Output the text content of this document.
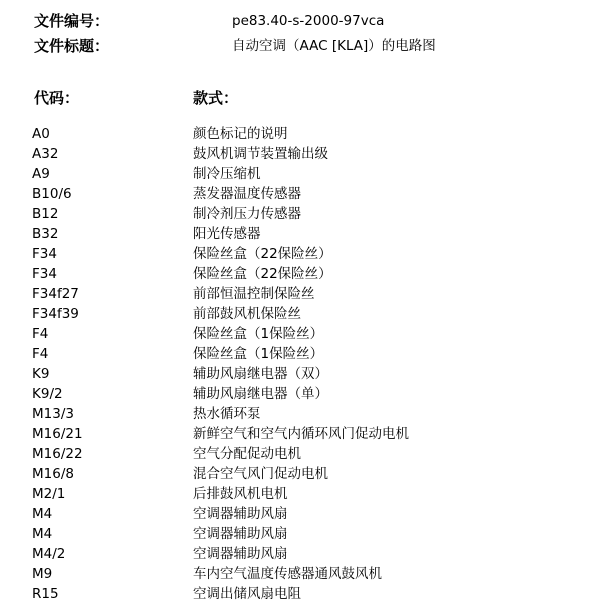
文件编号：	pe83.40-s-2000-97vca
文件标题：	自动空调（AAC [KLA]）的电路图
代码：	款式：
A0	颜色标记的说明
A32	鼓风机调节装置输出级
A9	制冷压缩机
B10/6	蒸发器温度传感器
B12	制冷剂压力传感器
B32	阳光传感器
F34	保险丝盒（22保险丝）
F34	保险丝盒（22保险丝）
F34f27	前部恒温控制保险丝
F34f39	前部鼓风机保险丝
F4	保险丝盒（1保险丝）
F4	保险丝盒（1保险丝）
K9	辅助风扇继电器（双）
K9/2	辅助风扇继电器（单）
M13/3	热水循环泵
M16/21	新鲜空气和空气内循环风门促动电机
M16/22	空气分配促动电机
M16/8	混合空气风门促动电机
M2/1	后排鼓风机电机
M4	空调器辅助风扇
M4	空调器辅助风扇
M4/2	空调器辅助风扇
M9	车内空气温度传感器通风鼓风机
R15	空调出储风扇电阻
